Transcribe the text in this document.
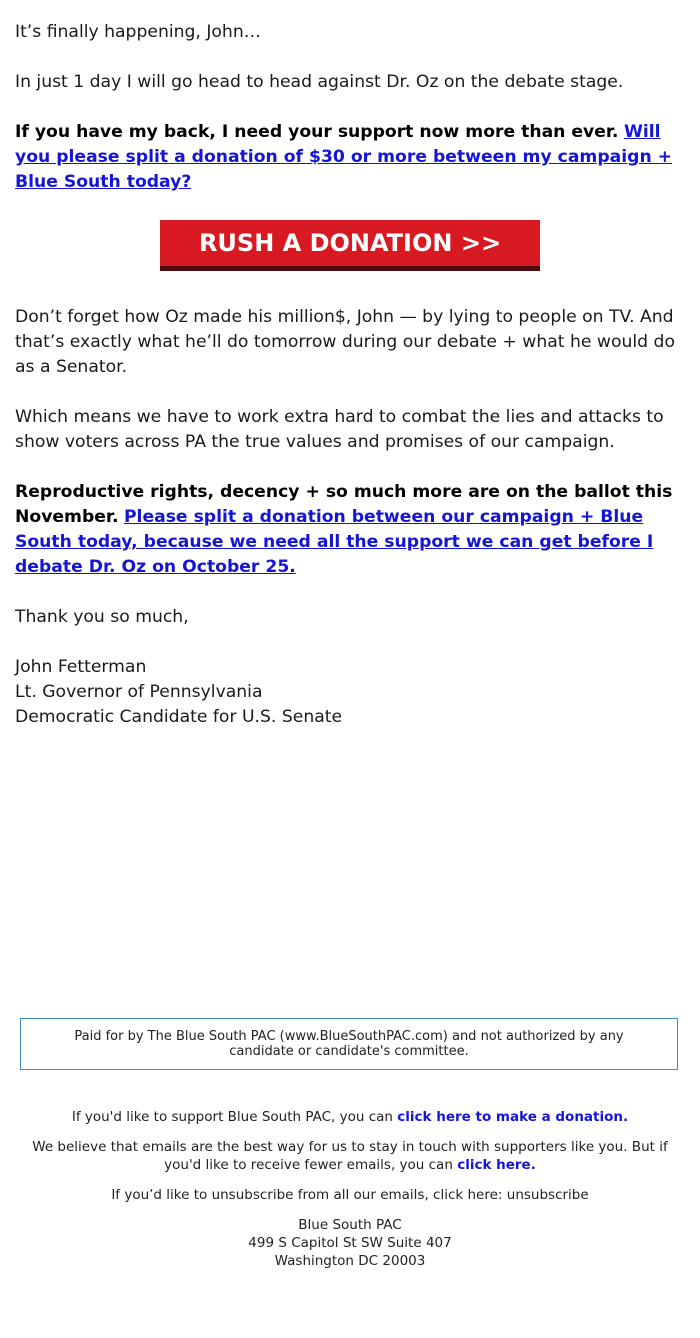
It’s finally happening, John…

In just 1 day I will go head to head against Dr. Oz on the debate stage.

If you have my back, I need your support now more than ever. Will you please split a donation of $30 or more between my campaign + Blue South today?

RUSH A DONATION >>

Don’t forget how Oz made his million$, John — by lying to people on TV. And that’s exactly what he’ll do tomorrow during our debate + what he would do as a Senator.

Which means we have to work extra hard to combat the lies and attacks to show voters across PA the true values and promises of our campaign.

Reproductive rights, decency + so much more are on the ballot this November. Please split a donation between our campaign + Blue South today, because we need all the support we can get before I debate Dr. Oz on October 25.

Thank you so much,

John Fetterman

Lt. Governor of Pennsylvania

Democratic Candidate for U.S. Senate

Paid for by The Blue South PAC (www.BlueSouthPAC.com) and not authorized by any candidate or candidate's committee.

If you'd like to support Blue South PAC, you can click here to make a donation.

We believe that emails are the best way for us to stay in touch with supporters like you. But if you'd like to receive fewer emails, you can click here.

If you’d like to unsubscribe from all our emails, click here: unsubscribe

Blue South PAC

499 S Capitol St SW Suite 407

Washington DC 20003
